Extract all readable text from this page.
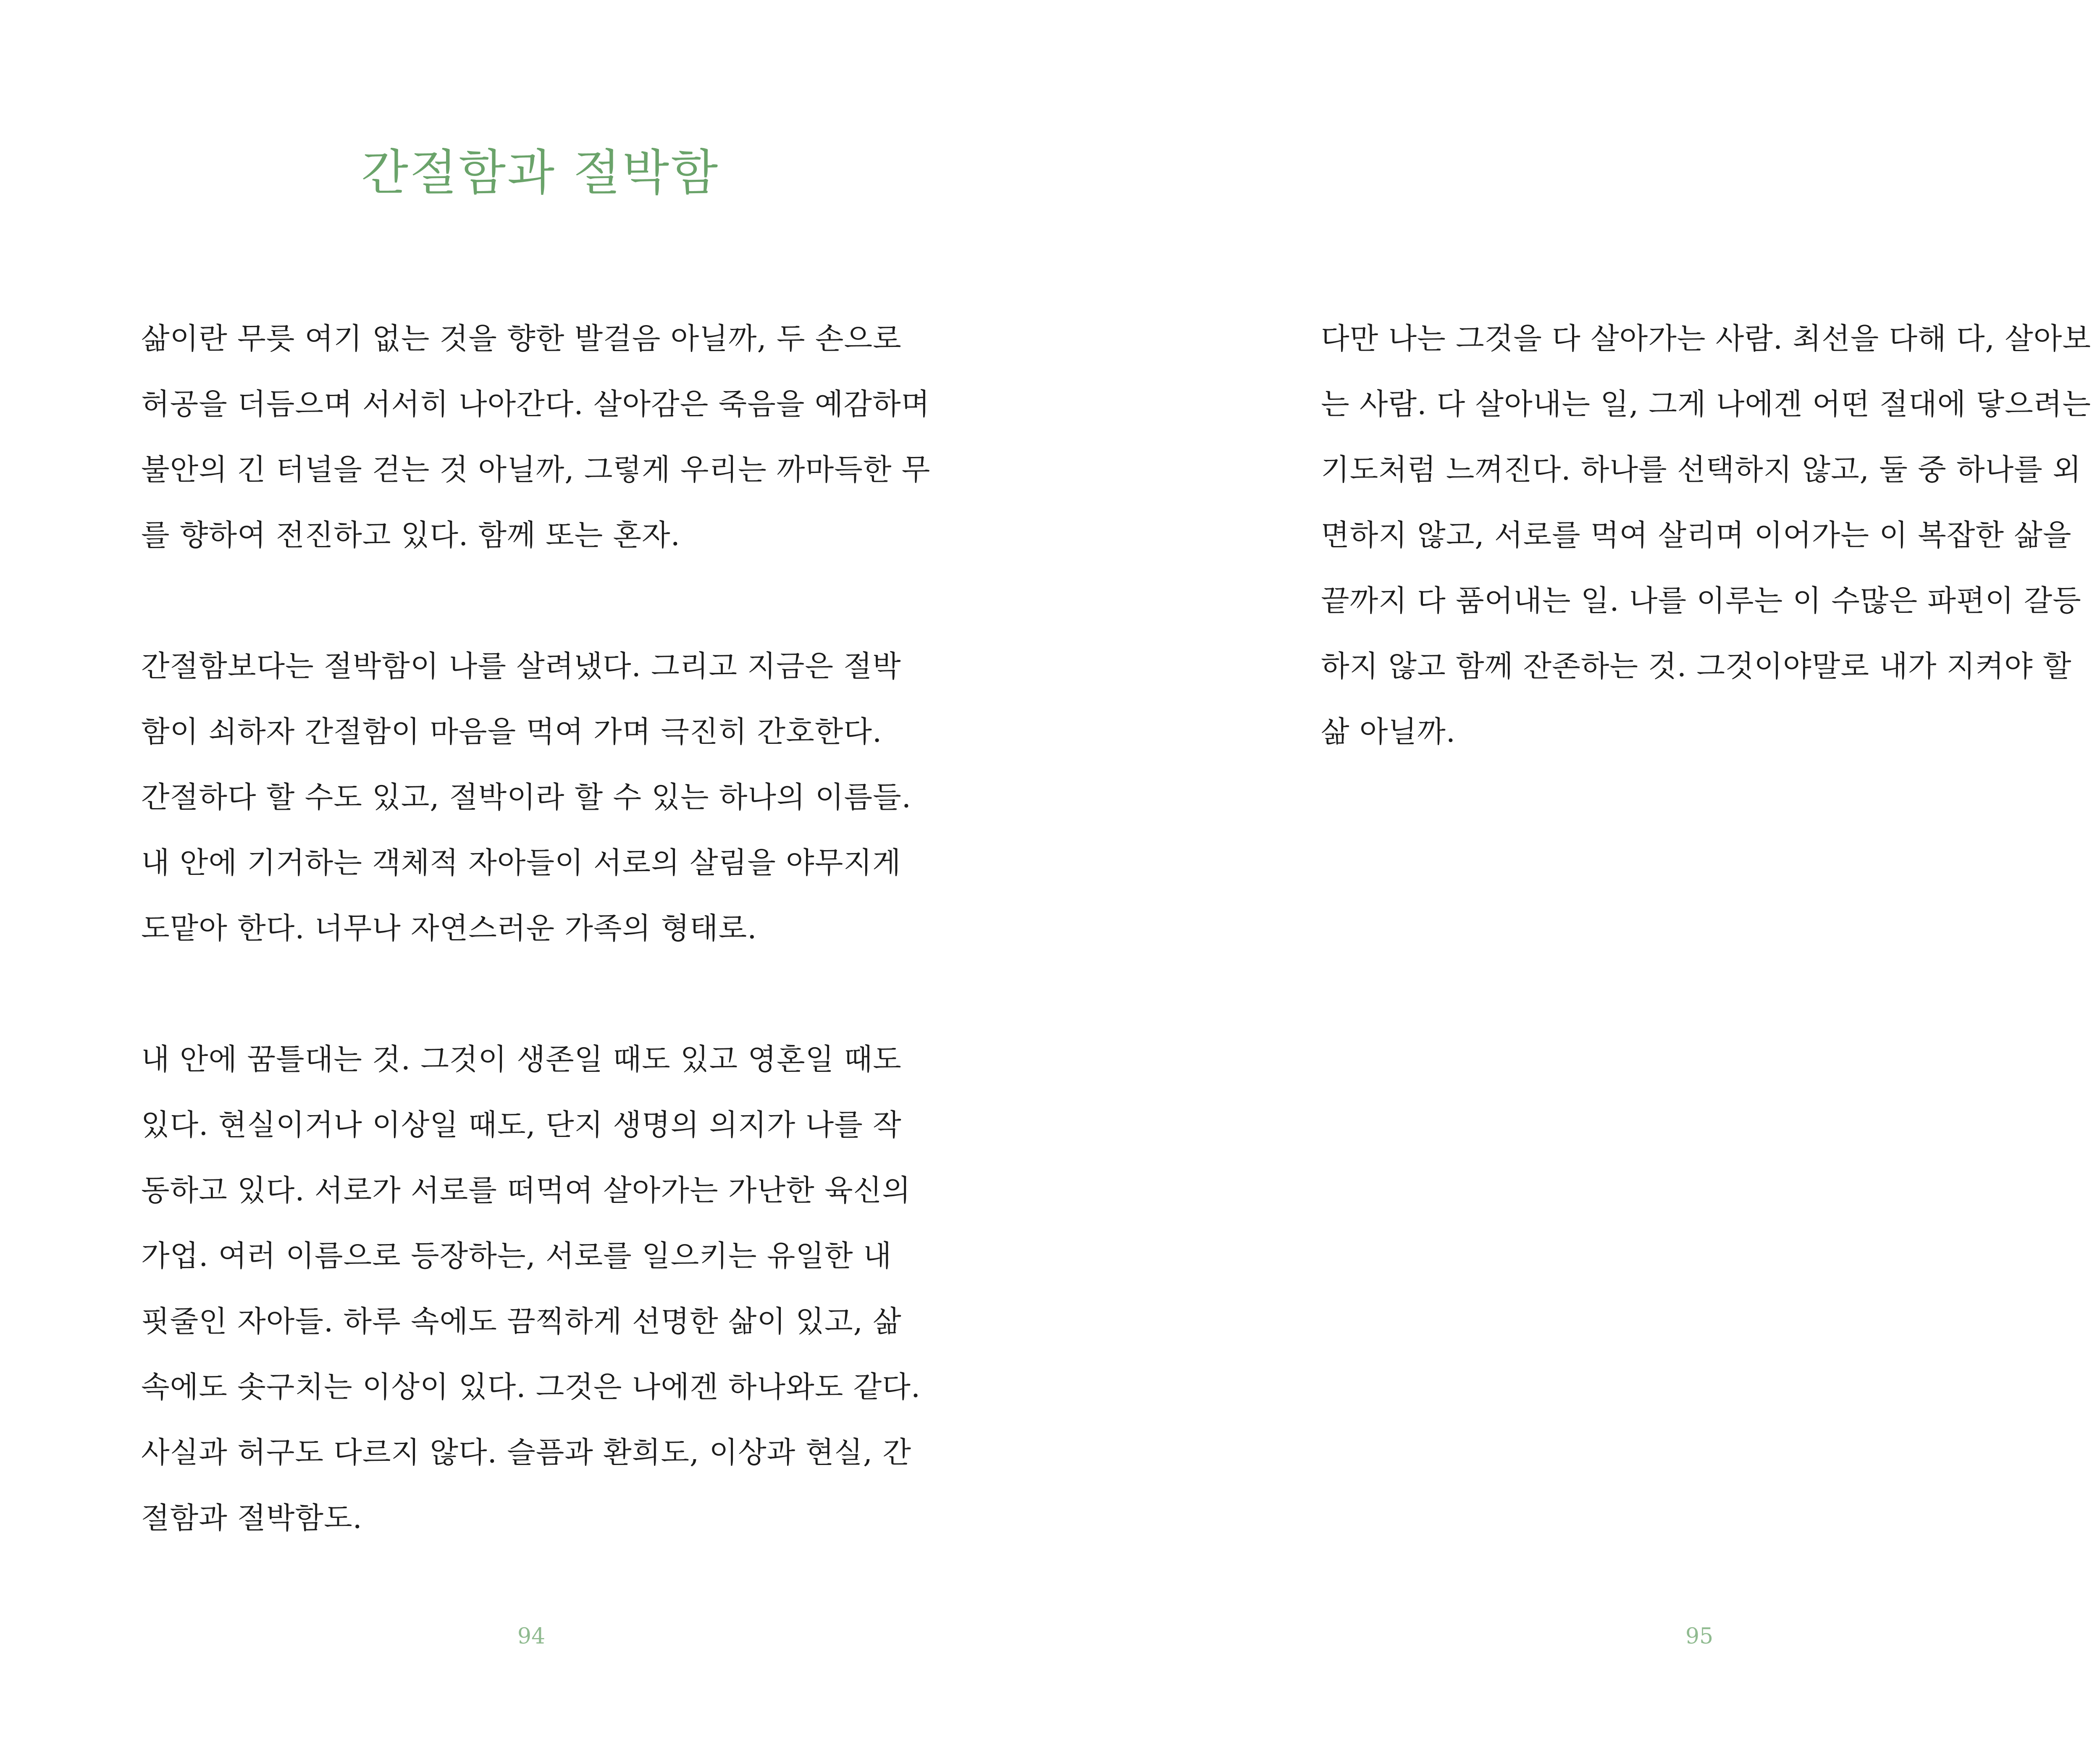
간절함과 절박함

삶이란 무릇 여기 없는 것을 향한 발걸음 아닐까, 두 손으로
허공을 더듬으며 서서히 나아간다. 살아감은 죽음을 예감하며
불안의 긴 터널을 걷는 것 아닐까, 그렇게 우리는 까마득한 무
를 향하여 전진하고 있다. 함께 또는 혼자.

간절함보다는 절박함이 나를 살려냈다. 그리고 지금은 절박
함이 쇠하자 간절함이 마음을 먹여 가며 극진히 간호한다.
간절하다 할 수도 있고, 절박이라 할 수 있는 하나의 이름들.
내 안에 기거하는 객체적 자아들이 서로의 살림을 야무지게
도맡아 한다. 너무나 자연스러운 가족의 형태로.

내 안에 꿈틀대는 것. 그것이 생존일 때도 있고 영혼일 때도
있다. 현실이거나 이상일 때도, 단지 생명의 의지가 나를 작
동하고 있다. 서로가 서로를 떠먹여 살아가는 가난한 육신의
가업. 여러 이름으로 등장하는, 서로를 일으키는 유일한 내
핏줄인 자아들. 하루 속에도 끔찍하게 선명한 삶이 있고, 삶
속에도 솟구치는 이상이 있다. 그것은 나에겐 하나와도 같다.
사실과 허구도 다르지 않다. 슬픔과 환희도, 이상과 현실, 간
절함과 절박함도.

94

다만 나는 그것을 다 살아가는 사람. 최선을 다해 다, 살아보
는 사람. 다 살아내는 일, 그게 나에겐 어떤 절대에 닿으려는
기도처럼 느껴진다. 하나를 선택하지 않고, 둘 중 하나를 외
면하지 않고, 서로를 먹여 살리며 이어가는 이 복잡한 삶을
끝까지 다 품어내는 일. 나를 이루는 이 수많은 파편이 갈등
하지 않고 함께 잔존하는 것. 그것이야말로 내가 지켜야 할
삶 아닐까.

95
